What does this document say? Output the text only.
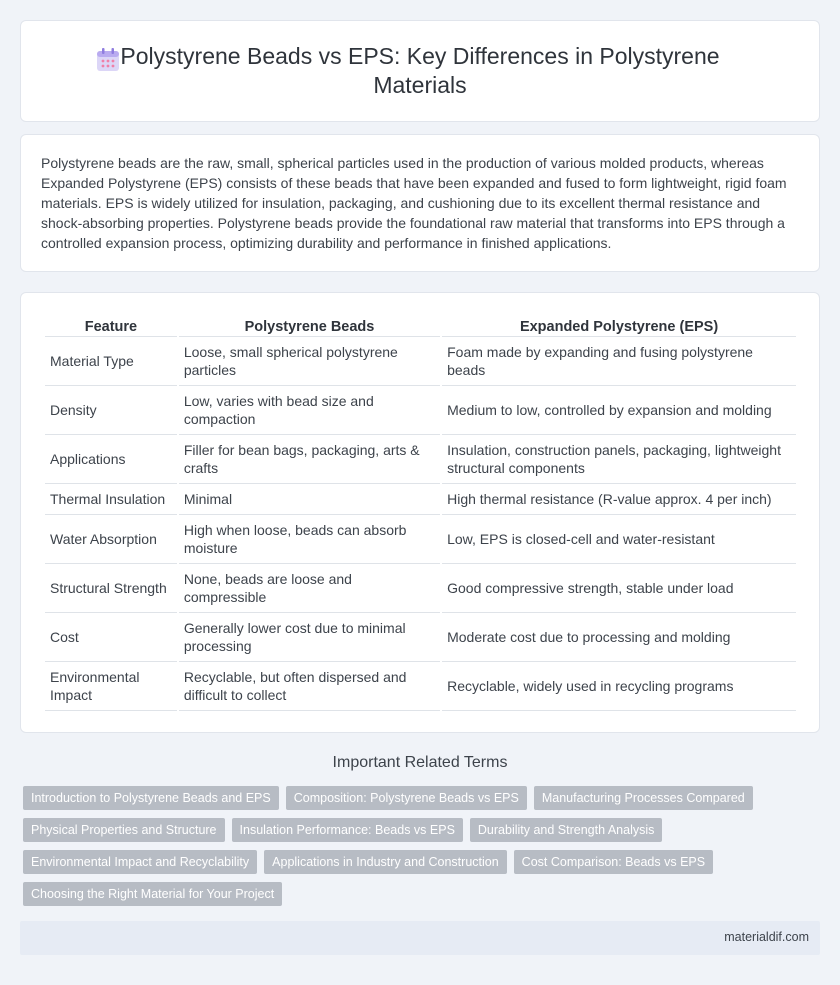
Polystyrene Beads vs EPS: Key Differences in Polystyrene Materials

Polystyrene beads are the raw, small, spherical particles used in the production of various molded products, whereas Expanded Polystyrene (EPS) consists of these beads that have been expanded and fused to form lightweight, rigid foam materials. EPS is widely utilized for insulation, packaging, and cushioning due to its excellent thermal resistance and shock-absorbing properties. Polystyrene beads provide the foundational raw material that transforms into EPS through a controlled expansion process, optimizing durability and performance in finished applications.

Feature	Polystyrene Beads	Expanded Polystyrene (EPS)
Material Type	Loose, small spherical polystyrene particles	Foam made by expanding and fusing polystyrene beads
Density	Low, varies with bead size and compaction	Medium to low, controlled by expansion and molding
Applications	Filler for bean bags, packaging, arts & crafts	Insulation, construction panels, packaging, lightweight structural components
Thermal Insulation	Minimal	High thermal resistance (R-value approx. 4 per inch)
Water Absorption	High when loose, beads can absorb moisture	Low, EPS is closed-cell and water-resistant
Structural Strength	None, beads are loose and compressible	Good compressive strength, stable under load
Cost	Generally lower cost due to minimal processing	Moderate cost due to processing and molding
Environmental Impact	Recyclable, but often dispersed and difficult to collect	Recyclable, widely used in recycling programs
Important Related Terms
Introduction to Polystyrene Beads and EPS	Composition: Polystyrene Beads vs EPS	Manufacturing Processes Compared
Physical Properties and Structure	Insulation Performance: Beads vs EPS	Durability and Strength Analysis
Environmental Impact and Recyclability	Applications in Industry and Construction	Cost Comparison: Beads vs EPS
Choosing the Right Material for Your Project
materialdif.com
